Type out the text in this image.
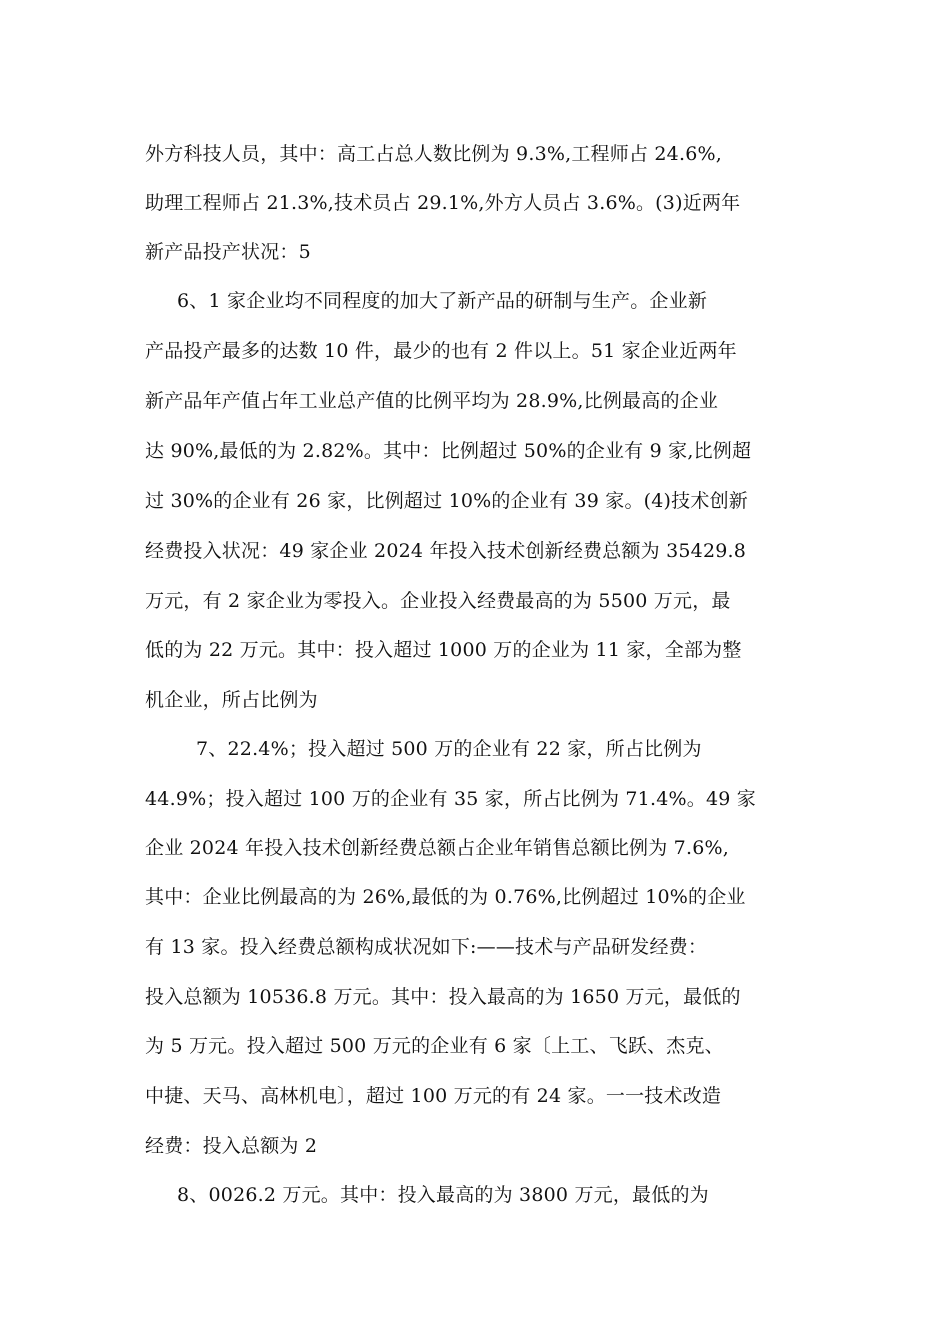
外方科技人员，其中：高工占总人数比例为 9.3%,工程师占 24.6%,
助理工程师占 21.3%,技术员占 29.1%,外方人员占 3.6%。(3)近两年
新产品投产状况：5
6、1 家企业均不同程度的加大了新产品的研制与生产。企业新
产品投产最多的达数 10 件，最少的也有 2 件以上。51 家企业近两年
新产品年产值占年工业总产值的比例平均为 28.9%,比例最高的企业
达 90%,最低的为 2.82%。其中：比例超过 50%的企业有 9 家,比例超
过 30%的企业有 26 家，比例超过 10%的企业有 39 家。(4)技术创新
经费投入状况：49 家企业 2024 年投入技术创新经费总额为 35429.8
万元，有 2 家企业为零投入。企业投入经费最高的为 5500 万元，最
低的为 22 万元。其中：投入超过 1000 万的企业为 11 家，全部为整
机企业，所占比例为
7、22.4%；投入超过 500 万的企业有 22 家，所占比例为
44.9%；投入超过 100 万的企业有 35 家，所占比例为 71.4%。49 家
企业 2024 年投入技术创新经费总额占企业年销售总额比例为 7.6%,
其中：企业比例最高的为 26%,最低的为 0.76%,比例超过 10%的企业
有 13 家。投入经费总额构成状况如下:——技术与产品研发经费：
投入总额为 10536.8 万元。其中：投入最高的为 1650 万元，最低的
为 5 万元。投入超过 500 万元的企业有 6 家〔上工、飞跃、杰克、
中捷、天马、高林机电〕，超过 100 万元的有 24 家。一一技术改造
经费：投入总额为 2
8、0026.2 万元。其中：投入最高的为 3800 万元，最低的为
